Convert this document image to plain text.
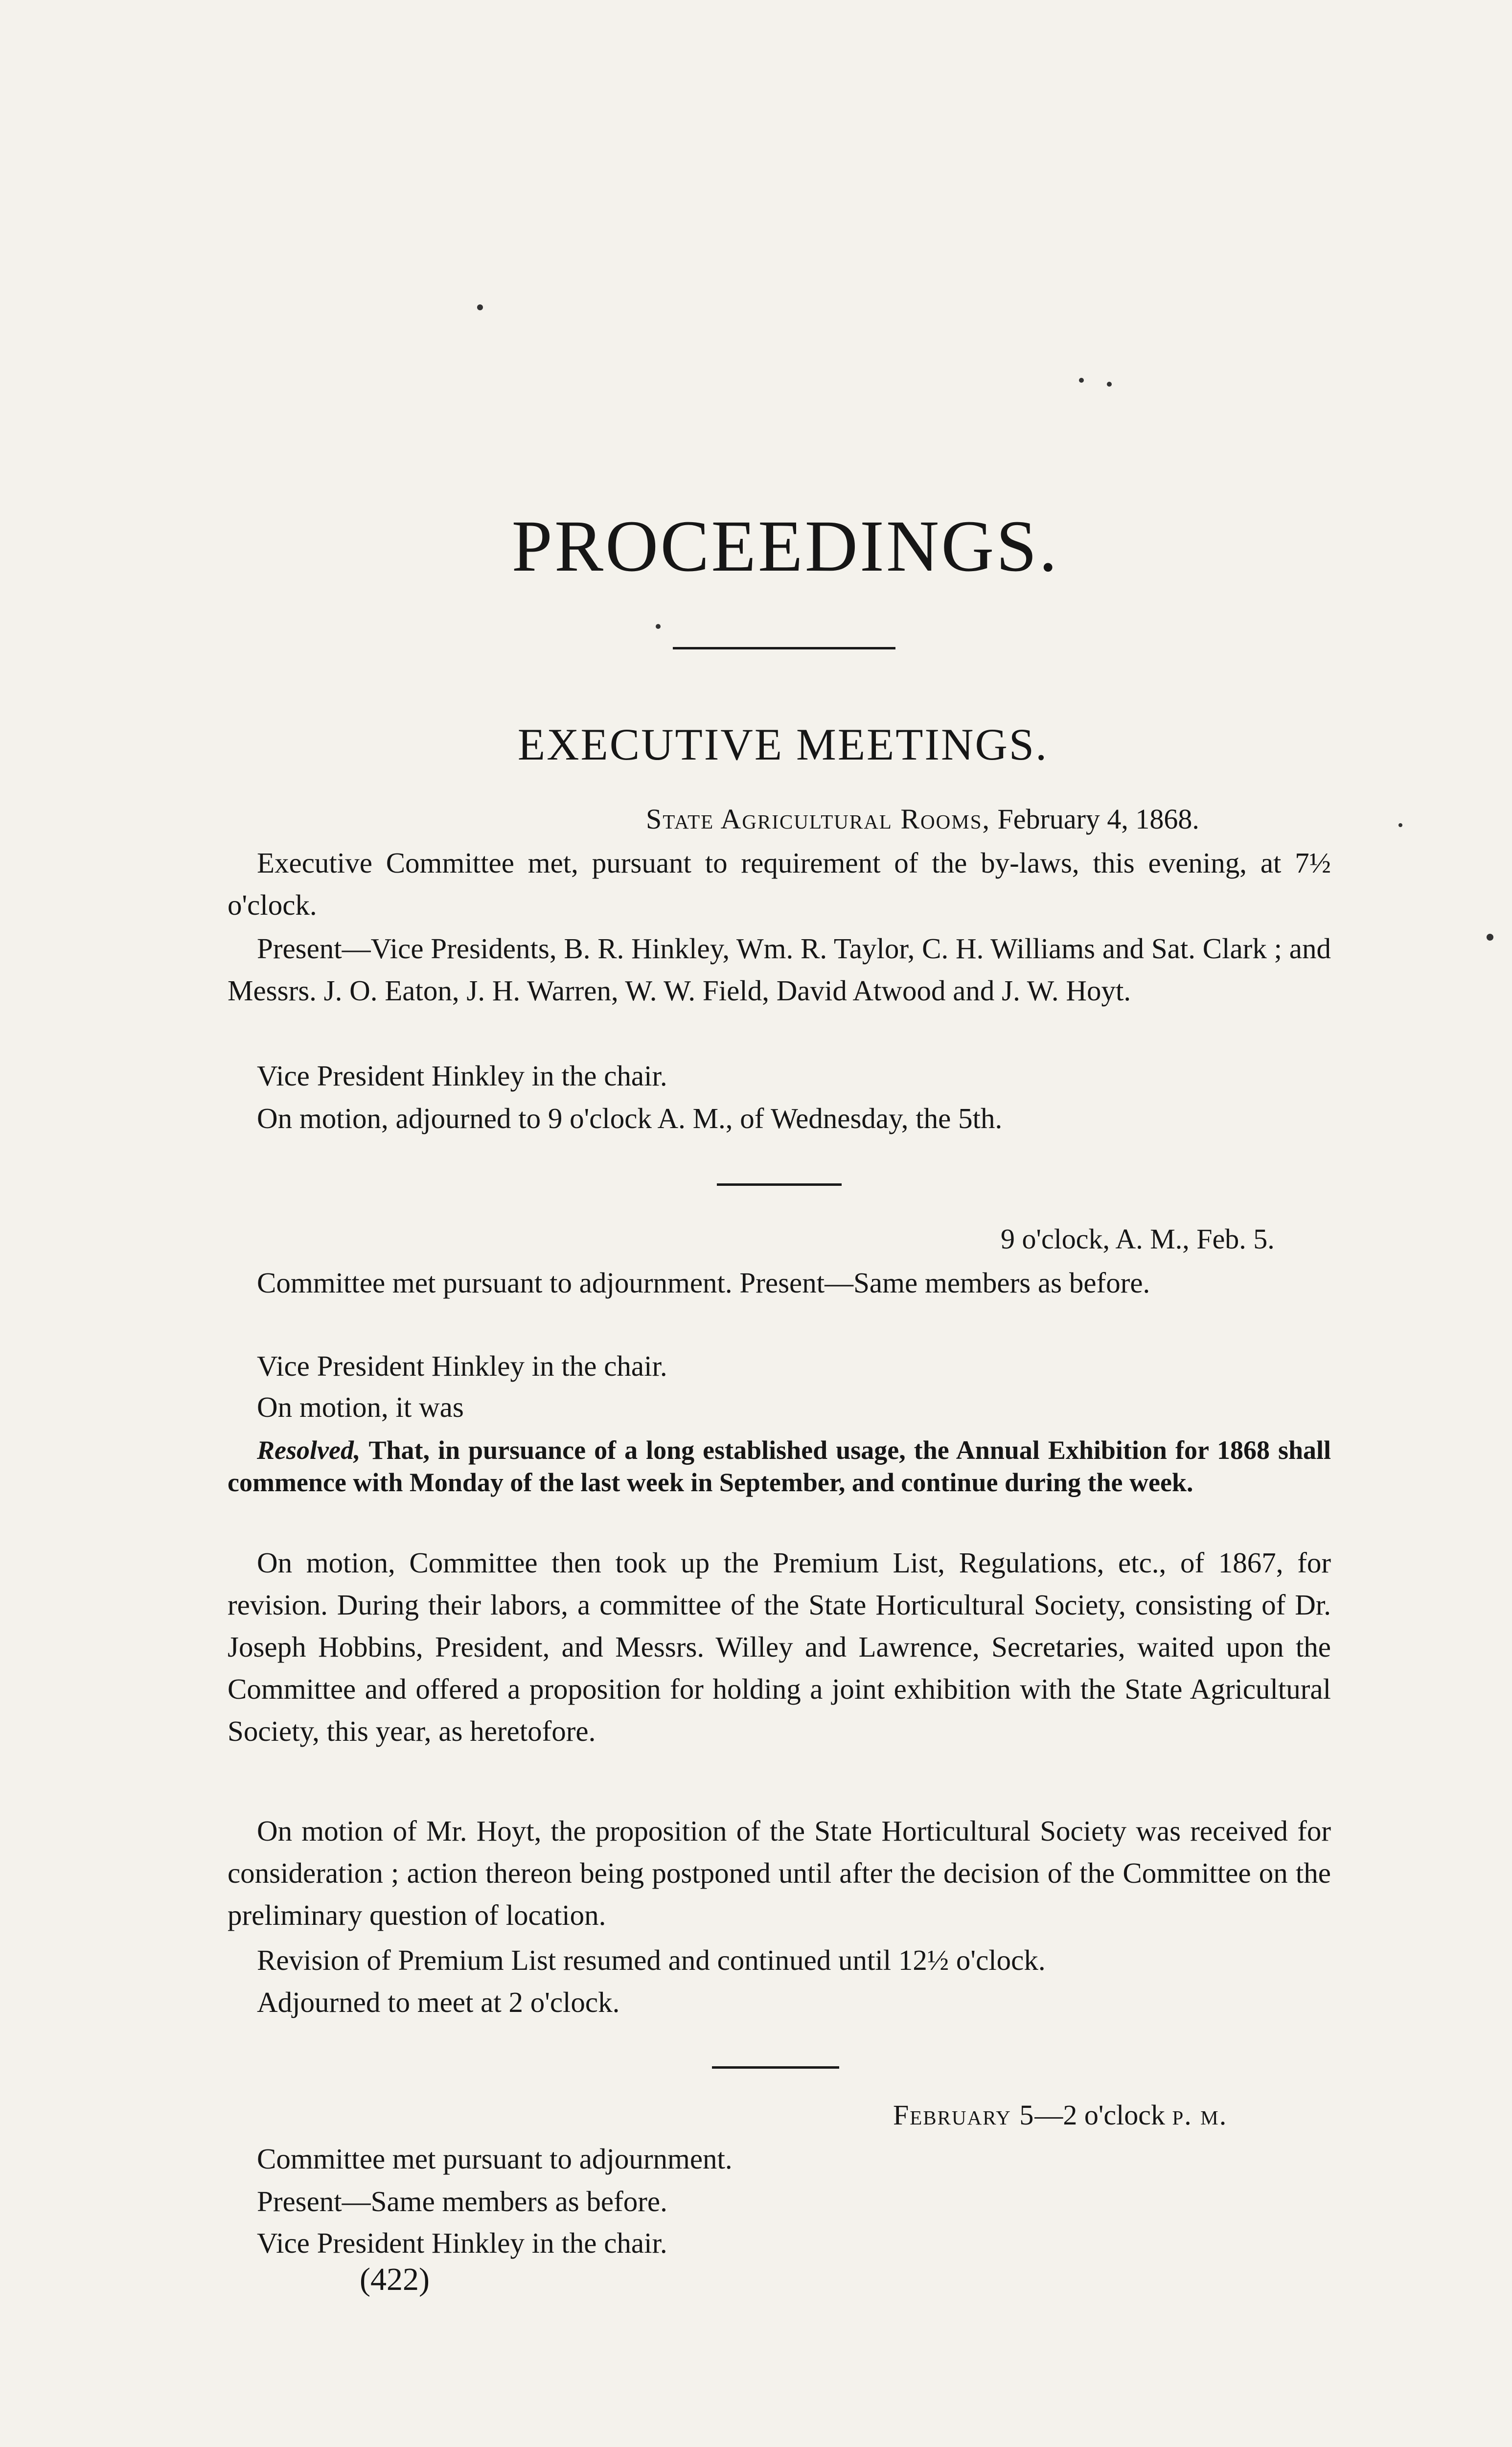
PROCEEDINGS.
EXECUTIVE MEETINGS.
State Agricultural Rooms, February 4, 1868.

Executive Committee met, pursuant to requirement of the by-laws, this evening, at 7½ o'clock.

Present—Vice Presidents, B. R. Hinkley, Wm. R. Taylor, C. H. Williams and Sat. Clark ; and Messrs. J. O. Eaton, J. H. Warren, W. W. Field, David Atwood and J. W. Hoyt.

Vice President Hinkley in the chair.

On motion, adjourned to 9 o'clock A. M., of Wednesday, the 5th.

9 o'clock, A. M., Feb. 5.

Committee met pursuant to adjournment. Present—Same members as before.

Vice President Hinkley in the chair.

On motion, it was

Resolved, That, in pursuance of a long established usage, the Annual Exhibition for 1868 shall commence with Monday of the last week in September, and continue during the week.

On motion, Committee then took up the Premium List, Regulations, etc., of 1867, for revision. During their labors, a committee of the State Horticultural Society, consisting of Dr. Joseph Hobbins, President, and Messrs. Willey and Lawrence, Secretaries, waited upon the Committee and offered a proposition for holding a joint exhibition with the State Agricultural Society, this year, as heretofore.

On motion of Mr. Hoyt, the proposition of the State Horticultural Society was received for consideration ; action thereon being postponed until after the decision of the Committee on the preliminary question of location.

Revision of Premium List resumed and continued until 12½ o'clock.

Adjourned to meet at 2 o'clock.

February 5—2 o'clock p. m.

Committee met pursuant to adjournment.

Present—Same members as before.

Vice President Hinkley in the chair.

(422)
